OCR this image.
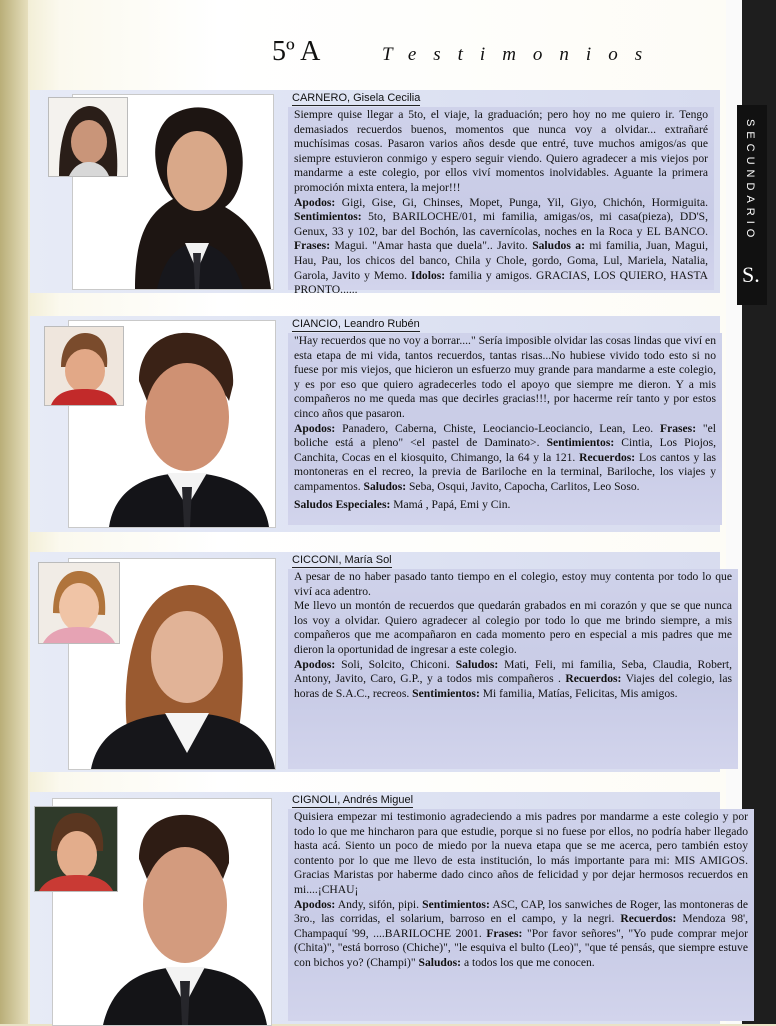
SECUNDARIO
S.
5º A	Testimonios
CARNERO, Gisela Cecilia

Siempre quise llegar a 5to, el viaje, la graduación; pero hoy no me quiero ir. Tengo demasiados recuerdos buenos, momentos que nunca voy a olvidar... extrañaré muchísimas cosas. Pasaron varios años desde que entré, tuve muchos amigos/as que siempre estuvieron conmigo y espero seguir viendo. Quiero agradecer a mis viejos por mandarme a este colegio, por ellos viví momentos inolvidables. Aguante la primera promoción mixta entera, la mejor!!!

Apodos: Gigi, Gise, Gi, Chinses, Mopet, Punga, Yil, Giyo, Chichón, Hormiguita. Sentimientos: 5to, BARILOCHE/01, mi familia, amigas/os, mi casa(pieza), DD'S, Genux, 33 y 102, bar del Bochón, las cavernícolas, noches en la Roca y EL BANCO. Frases: Magui. "Amar hasta que duela".. Javito. Saludos a: mi familia, Juan, Magui, Hau, Pau, los chicos del banco, Chila y Chole, gordo, Goma, Lul, Mariela, Natalia, Garola, Javito y Memo. Idolos: familia y amigos. GRACIAS, LOS QUIERO, HASTA PRONTO......

CIANCIO, Leandro Rubén

"Hay recuerdos que no voy a borrar...." Sería imposible olvidar las cosas lindas que viví en esta etapa de mi vida, tantos recuerdos, tantas risas...No hubiese vivido todo esto si no fuese por mis viejos, que hicieron un esfuerzo muy grande para mandarme a este colegio, y es por eso que quiero agradecerles todo el apoyo que siempre me dieron. Y a mis compañeros no me queda mas que decirles gracias!!!, por hacerme reír tanto y por estos cinco años que pasaron.

Apodos: Panadero, Caberna, Chiste, Leociancio-Leociancio, Lean, Leo. Frases: "el boliche está a pleno" <el pastel de Daminato>. Sentimientos: Cintia, Los Piojos, Canchita, Cocas en el kiosquito, Chimango, la 64 y la 121. Recuerdos: Los cantos y las montoneras en el recreo, la previa de Bariloche en la terminal, Bariloche, los viajes y campamentos. Saludos: Seba, Osqui, Javito, Capocha, Carlitos, Leo Soso.

Saludos Especiales: Mamá , Papá, Emi y Cin.

CICCONI, María Sol

A pesar de no haber pasado tanto tiempo en el colegio, estoy muy contenta por todo lo que viví aca adentro.

Me llevo un montón de recuerdos que quedarán grabados en mi corazón y que se que nunca los voy a olvidar. Quiero agradecer al colegio por todo lo que me brindo siempre, a mis compañeros que me acompañaron en cada momento pero en especial a mis padres que me dieron la oportunidad de ingresar a este colegio.

Apodos: Soli, Solcito, Chiconi. Saludos: Mati, Feli, mi familia, Seba, Claudia, Robert, Antony, Javito, Caro, G.P., y a todos mis compañeros . Recuerdos: Viajes del colegio, las horas de S.A.C., recreos. Sentimientos: Mi familia, Matías, Felicitas, Mis amigos.

CIGNOLI, Andrés Miguel

Quisiera empezar mi testimonio agradeciendo a mis padres por mandarme a este colegio y por todo lo que me hincharon para que estudie, porque si no fuese por ellos, no podría haber llegado hasta acá. Siento un poco de miedo por la nueva etapa que se me acerca, pero también estoy contento por lo que me llevo de esta institución, lo más importante para mi: MIS AMIGOS. Gracias Maristas por haberme dado cinco años de felicidad y por dejar hermosos recuerdos en mi....¡CHAU¡

Apodos: Andy, sifón, pipi. Sentimientos: ASC, CAP, los sanwiches de Roger, las montoneras de 3ro., las corridas, el solarium, barroso en el campo, y la negri. Recuerdos: Mendoza 98', Champaquí '99, ....BARILOCHE 2001. Frases: "Por favor señores", "Yo pude comprar mejor (Chita)", "está borroso (Chiche)", "le esquiva el bulto (Leo)", "que té pensás, que siempre estuve con bichos yo? (Champi)" Saludos: a todos los que me conocen.
